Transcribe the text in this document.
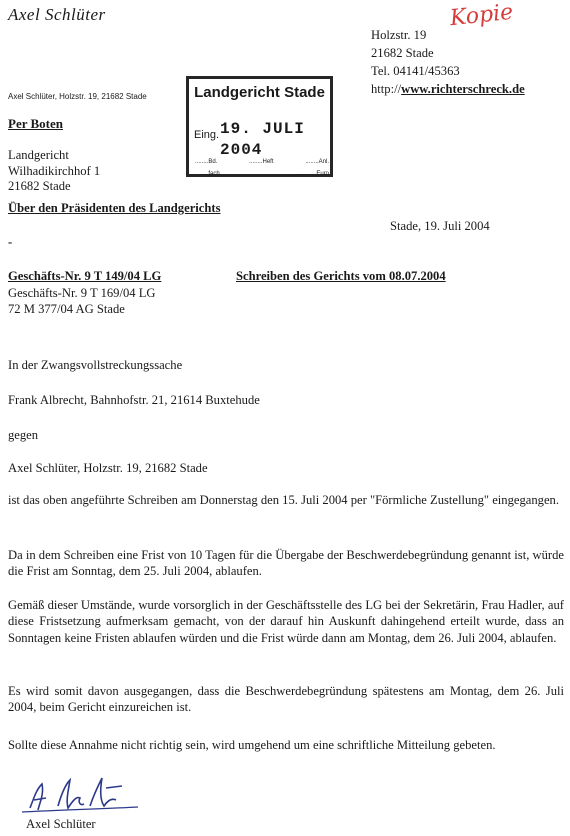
Axel Schlüter	Kopie
Holzstr. 19
21682 Stade
Tel. 04141/45363
http://www.richterschreck.de
Axel Schlüter, Holzstr. 19, 21682 Stade	Landgericht Stade
Eing. 19. JULI 2004
........Bd.	........Heft	........Anl.
........fach	..............Euro
Per Boten
Landgericht
Wilhadikirchhof 1
21682 Stade
Über den Präsidenten des Landgerichts
Stade, 19. Juli 2004
-
Geschäfts-Nr. 9 T 149/04 LG
Geschäfts-Nr. 9 T 169/04 LG
72 M 377/04 AG Stade
Schreiben des Gerichts vom 08.07.2004
In der Zwangsvollstreckungssache
Frank Albrecht, Bahnhofstr. 21, 21614 Buxtehude
gegen
Axel Schlüter, Holzstr. 19, 21682 Stade
ist das oben angeführte Schreiben am Donnerstag den 15. Juli 2004 per "Förmliche Zustellung" eingegangen.
Da in dem Schreiben eine Frist von 10 Tagen für die Übergabe der Beschwerdebegründung genannt ist, würde die Frist am Sonntag, dem 25. Juli 2004, ablaufen.
Gemäß dieser Umstände, wurde vorsorglich in der Geschäftsstelle des LG bei der Sekretärin, Frau Hadler, auf diese Fristsetzung aufmerksam gemacht, von der darauf hin Auskunft dahingehend erteilt wurde, dass an Sonntagen keine Fristen ablaufen würden und die Frist würde dann am Montag, dem 26. Juli 2004, ablaufen.
Es wird somit davon ausgegangen, dass die Beschwerdebegründung spätestens am Montag, dem 26. Juli 2004, beim Gericht einzureichen ist.
Sollte diese Annahme nicht richtig sein, wird umgehend um eine schriftliche Mitteilung gebeten.
Axel Schlüter
